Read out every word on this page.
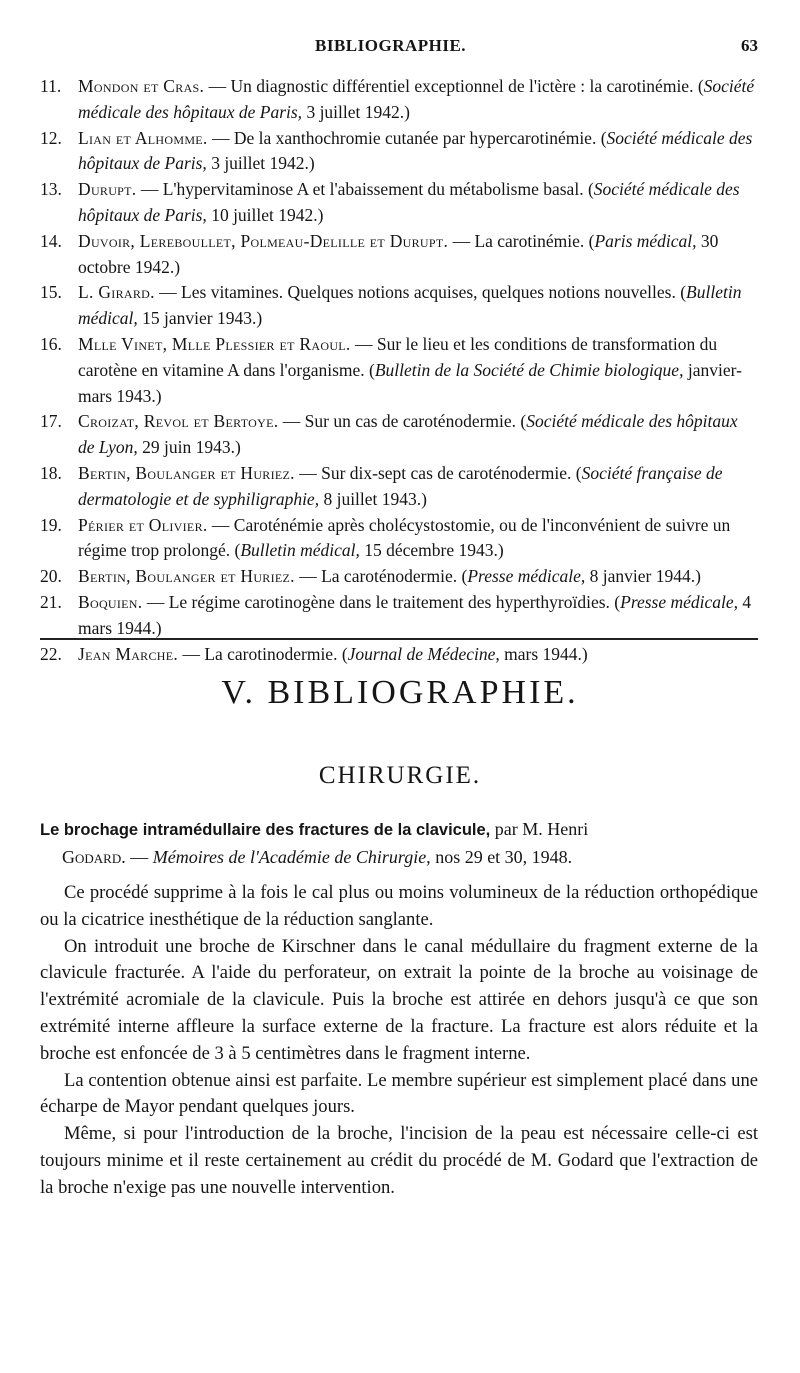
BIBLIOGRAPHIE.	63
11. Mondon et Cras. — Un diagnostic différentiel exceptionnel de l'ictère : la carotinémie. (Société médicale des hôpitaux de Paris, 3 juillet 1942.)
12. Lian et Alhomme. — De la xanthochromie cutanée par hypercarotinémie. (Société médicale des hôpitaux de Paris, 3 juillet 1942.)
13. Durupt. — L'hypervitaminose A et l'abaissement du métabolisme basal. (Société médicale des hôpitaux de Paris, 10 juillet 1942.)
14. Duvoir, Lereboullet, Polmeau-Delille et Durupt. — La carotinémie. (Paris médical, 30 octobre 1942.)
15. L. Girard. — Les vitamines. Quelques notions acquises, quelques notions nouvelles. (Bulletin médical, 15 janvier 1943.)
16. Mlle Vinet, Mlle Plessier et Raoul. — Sur le lieu et les conditions de transformation du carotène en vitamine A dans l'organisme. (Bulletin de la Société de Chimie biologique, janvier-mars 1943.)
17. Croizat, Revol et Bertoye. — Sur un cas de caroténodermie. (Société médicale des hôpitaux de Lyon, 29 juin 1943.)
18. Bertin, Boulanger et Huriez. — Sur dix-sept cas de caroténodermie. (Société française de dermatologie et de syphiligraphie, 8 juillet 1943.)
19. Périer et Olivier. — Caroténémie après cholécystostomie, ou de l'inconvénient de suivre un régime trop prolongé. (Bulletin médical, 15 décembre 1943.)
20. Bertin, Boulanger et Huriez. — La caroténodermie. (Presse médicale, 8 janvier 1944.)
21. Boquien. — Le régime carotinogène dans le traitement des hyperthyroïdies. (Presse médicale, 4 mars 1944.)
22. Jean Marche. — La carotinodermie. (Journal de Médecine, mars 1944.)
V. BIBLIOGRAPHIE.
CHIRURGIE.
Le brochage intramédullaire des fractures de la clavicule, par M. Henri
Godard. — Mémoires de l'Académie de Chirurgie, nos 29 et 30, 1948.

Ce procédé supprime à la fois le cal plus ou moins volumineux de la réduction orthopédique ou la cicatrice inesthétique de la réduction sanglante.

On introduit une broche de Kirschner dans le canal médullaire du fragment externe de la clavicule fracturée. A l'aide du perforateur, on extrait la pointe de la broche au voisinage de l'extrémité acromiale de la clavicule. Puis la broche est attirée en dehors jusqu'à ce que son extrémité interne affleure la surface externe de la fracture. La fracture est alors réduite et la broche est enfoncée de 3 à 5 centimètres dans le fragment interne.

La contention obtenue ainsi est parfaite. Le membre supérieur est simplement placé dans une écharpe de Mayor pendant quelques jours.

Même, si pour l'introduction de la broche, l'incision de la peau est nécessaire celle-ci est toujours minime et il reste certainement au crédit du procédé de M. Godard que l'extraction de la broche n'exige pas une nouvelle intervention.
